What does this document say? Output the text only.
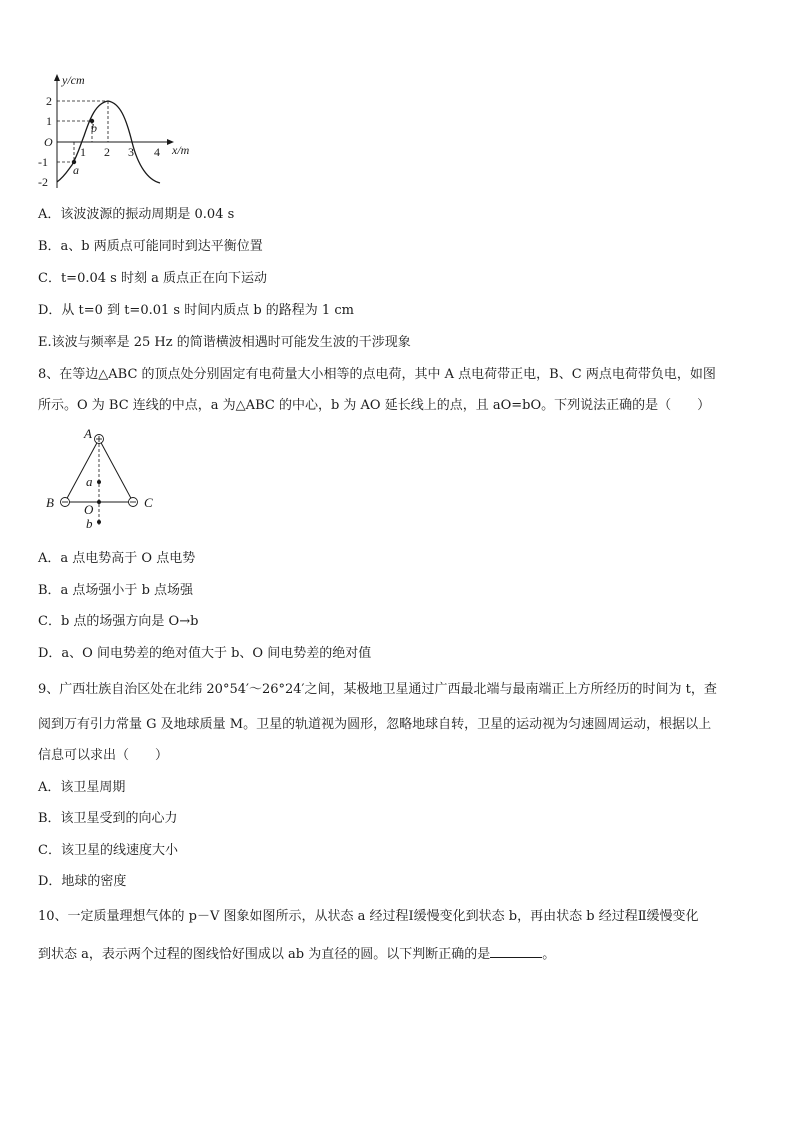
y/cm
x/m
O
2
1
-1
-2
1 2 3 4
a
b
A．该波波源的振动周期是 0.04 s
B．a、b 两质点可能同时到达平衡位置
C．t=0.04 s 时刻 a 质点正在向下运动
D．从 t=0 到 t=0.01 s 时间内质点 b 的路程为 1 cm
E.该波与频率是 25 Hz 的简谐横波相遇时可能发生波的干涉现象
8、在等边△ABC 的顶点处分别固定有电荷量大小相等的点电荷，其中 A 点电荷带正电，B、C 两点电荷带负电，如图
所示。O 为 BC 连线的中点，a 为△ABC 的中心，b 为 AO 延长线上的点，且 aO=bO。下列说法正确的是（　　）
A
B	C
a
O
b
A．a 点电势高于 O 点电势
B．a 点场强小于 b 点场强
C．b 点的场强方向是 O→b
D．a、O 间电势差的绝对值大于 b、O 间电势差的绝对值
9、广西壮族自治区处在北纬 20°54′～26°24′之间，某极地卫星通过广西最北端与最南端正上方所经历的时间为 t，查
阅到万有引力常量 G 及地球质量 M。卫星的轨道视为圆形，忽略地球自转，卫星的运动视为匀速圆周运动，根据以上
信息可以求出（　　）
A．该卫星周期
B．该卫星受到的向心力
C．该卫星的线速度大小
D．地球的密度
10、一定质量理想气体的 p－V 图象如图所示，从状态 a 经过程Ⅰ缓慢变化到状态 b，再由状态 b 经过程Ⅱ缓慢变化
到状态 a，表示两个过程的图线恰好围成以 ab 为直径的圆。以下判断正确的是	。
